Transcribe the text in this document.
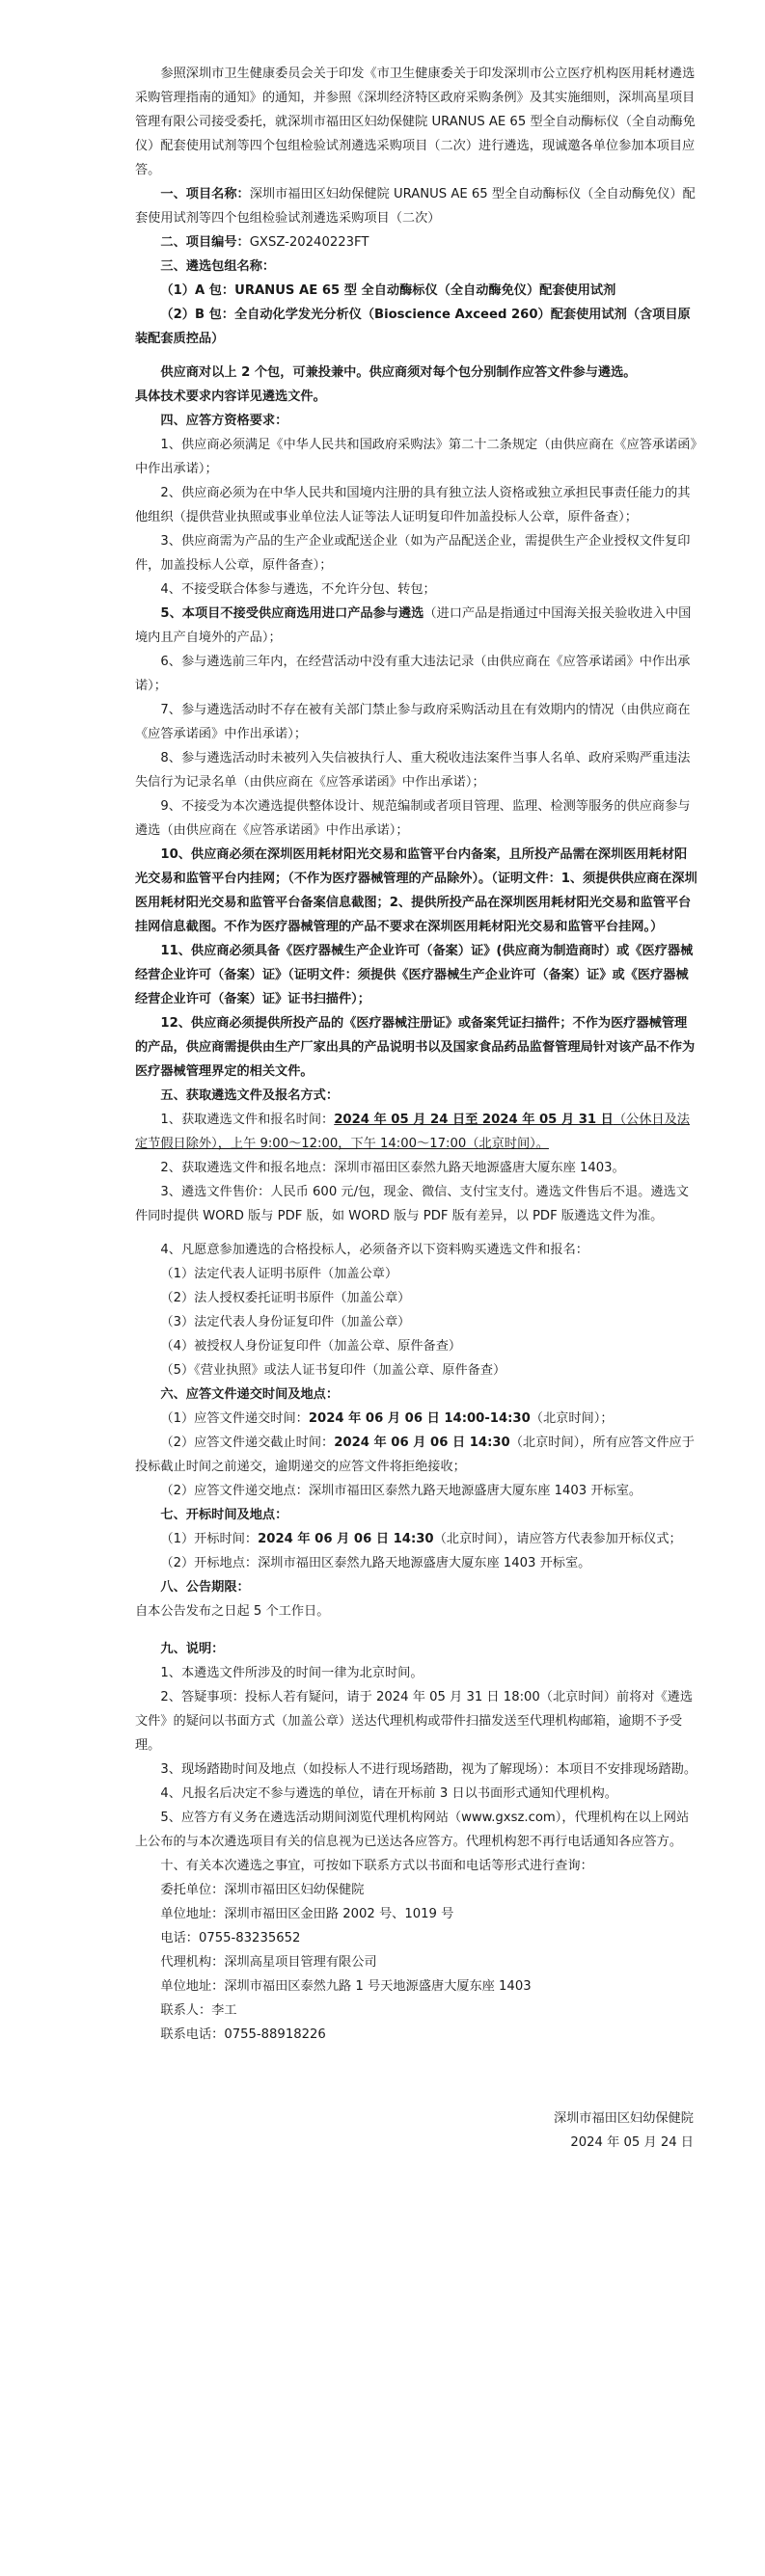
参照深圳市卫生健康委员会关于印发《市卫生健康委关于印发深圳市公立医疗机构医用耗材遴选采购管理指南的通知》的通知，并参照《深圳经济特区政府采购条例》及其实施细则，深圳高星项目管理有限公司接受委托，就深圳市福田区妇幼保健院 URANUS AE 65 型全自动酶标仪（全自动酶免仪）配套使用试剂等四个包组检验试剂遴选采购项目（二次）进行遴选，现诚邀各单位参加本项目应答。

一、项目名称：深圳市福田区妇幼保健院 URANUS AE 65 型全自动酶标仪（全自动酶免仪）配套使用试剂等四个包组检验试剂遴选采购项目（二次）

二、项目编号：GXSZ-20240223FT

三、遴选包组名称：

（1）A 包：URANUS AE 65 型 全自动酶标仪（全自动酶免仪）配套使用试剂

（2）B 包：全自动化学发光分析仪（Bioscience Axceed 260）配套使用试剂（含项目原装配套质控品）

供应商对以上 2 个包，可兼投兼中。供应商须对每个包分别制作应答文件参与遴选。

具体技术要求内容详见遴选文件。

四、应答方资格要求：

1、供应商必须满足《中华人民共和国政府采购法》第二十二条规定（由供应商在《应答承诺函》中作出承诺）；

2、供应商必须为在中华人民共和国境内注册的具有独立法人资格或独立承担民事责任能力的其他组织（提供营业执照或事业单位法人证等法人证明复印件加盖投标人公章，原件备查）；

3、供应商需为产品的生产企业或配送企业（如为产品配送企业，需提供生产企业授权文件复印件，加盖投标人公章，原件备查）；

4、不接受联合体参与遴选，不允许分包、转包；

5、本项目不接受供应商选用进口产品参与遴选（进口产品是指通过中国海关报关验收进入中国境内且产自境外的产品）；

6、参与遴选前三年内，在经营活动中没有重大违法记录（由供应商在《应答承诺函》中作出承诺）；

7、参与遴选活动时不存在被有关部门禁止参与政府采购活动且在有效期内的情况（由供应商在《应答承诺函》中作出承诺）；

8、参与遴选活动时未被列入失信被执行人、重大税收违法案件当事人名单、政府采购严重违法失信行为记录名单（由供应商在《应答承诺函》中作出承诺）；

9、不接受为本次遴选提供整体设计、规范编制或者项目管理、监理、检测等服务的供应商参与遴选（由供应商在《应答承诺函》中作出承诺）；

10、供应商必须在深圳医用耗材阳光交易和监管平台内备案，且所投产品需在深圳医用耗材阳光交易和监管平台内挂网；（不作为医疗器械管理的产品除外）。（证明文件：1、须提供供应商在深圳医用耗材阳光交易和监管平台备案信息截图；2、提供所投产品在深圳医用耗材阳光交易和监管平台挂网信息截图。不作为医疗器械管理的产品不要求在深圳医用耗材阳光交易和监管平台挂网。）

11、供应商必须具备《医疗器械生产企业许可（备案）证》(供应商为制造商时）或《医疗器械经营企业许可（备案）证》（证明文件：须提供《医疗器械生产企业许可（备案）证》或《医疗器械经营企业许可（备案）证》证书扫描件）；

12、供应商必须提供所投产品的《医疗器械注册证》或备案凭证扫描件；不作为医疗器械管理的产品，供应商需提供由生产厂家出具的产品说明书以及国家食品药品监督管理局针对该产品不作为医疗器械管理界定的相关文件。

五、获取遴选文件及报名方式：

1、获取遴选文件和报名时间：2024 年 05 月 24 日至 2024 年 05 月 31 日（公休日及法定节假日除外），上午 9:00～12:00，下午 14:00～17:00（北京时间）。

2、获取遴选文件和报名地点：深圳市福田区泰然九路天地源盛唐大厦东座 1403。

3、遴选文件售价：人民币 600 元/包，现金、微信、支付宝支付。遴选文件售后不退。遴选文件同时提供 WORD 版与 PDF 版，如 WORD 版与 PDF 版有差异，以 PDF 版遴选文件为准。

4、凡愿意参加遴选的合格投标人，必须备齐以下资料购买遴选文件和报名：

（1）法定代表人证明书原件（加盖公章）

（2）法人授权委托证明书原件（加盖公章）

（3）法定代表人身份证复印件（加盖公章）

（4）被授权人身份证复印件（加盖公章、原件备查）

（5）《营业执照》或法人证书复印件（加盖公章、原件备查）

六、应答文件递交时间及地点：

（1）应答文件递交时间：2024 年 06 月 06 日 14:00-14:30（北京时间）；

（2）应答文件递交截止时间：2024 年 06 月 06 日 14:30（北京时间），所有应答文件应于投标截止时间之前递交，逾期递交的应答文件将拒绝接收；

（2）应答文件递交地点：深圳市福田区泰然九路天地源盛唐大厦东座 1403 开标室。

七、开标时间及地点：

（1）开标时间：2024 年 06 月 06 日 14:30（北京时间），请应答方代表参加开标仪式；

（2）开标地点：深圳市福田区泰然九路天地源盛唐大厦东座 1403 开标室。

八、公告期限：

自本公告发布之日起 5 个工作日。

九、说明：

1、本遴选文件所涉及的时间一律为北京时间。

2、答疑事项：投标人若有疑问，请于 2024 年 05 月 31 日 18:00（北京时间）前将对《遴选文件》的疑问以书面方式（加盖公章）送达代理机构或带件扫描发送至代理机构邮箱，逾期不予受理。

3、现场踏勘时间及地点（如投标人不进行现场踏勘，视为了解现场）：本项目不安排现场踏勘。

4、凡报名后决定不参与遴选的单位，请在开标前 3 日以书面形式通知代理机构。

5、应答方有义务在遴选活动期间浏览代理机构网站（www.gxsz.com），代理机构在以上网站上公布的与本次遴选项目有关的信息视为已送达各应答方。代理机构恕不再行电话通知各应答方。

十、有关本次遴选之事宜，可按如下联系方式以书面和电话等形式进行查询：

委托单位：深圳市福田区妇幼保健院

单位地址：深圳市福田区金田路 2002 号、1019 号

电话：0755-83235652

代理机构：深圳高星项目管理有限公司

单位地址：深圳市福田区泰然九路 1 号天地源盛唐大厦东座 1403

联系人：李工

联系电话：0755-88918226

深圳市福田区妇幼保健院

2024 年 05 月 24 日
